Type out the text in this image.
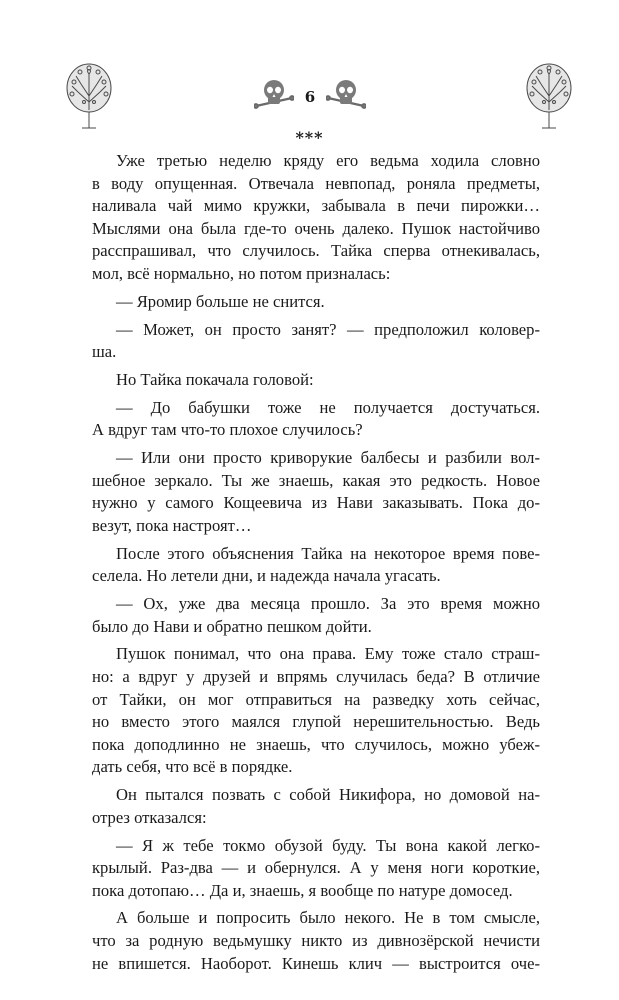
6
***
Уже третью неделю кряду его ведьма ходила словно
в воду опущенная. Отвечала невпопад, роняла предметы,
наливала чай мимо кружки, забывала в печи пирожки…
Мыслями она была где-то очень далеко. Пушок настойчиво
расспрашивал, что случилось. Тайка сперва отнекивалась,
мол, всё нормально, но потом призналась:
— Яромир больше не снится.
— Может, он просто занят? — предположил коловер-
ша.
Но Тайка покачала головой:
— До бабушки тоже не получается достучаться.
А вдруг там что-то плохое случилось?
— Или они просто криворукие балбесы и разбили вол-
шебное зеркало. Ты же знаешь, какая это редкость. Новое
нужно у самого Кощеевича из Нави заказывать. Пока до-
везут, пока настроят…
После этого объяснения Тайка на некоторое время пове-
селела. Но летели дни, и надежда начала угасать.
— Ох, уже два месяца прошло. За это время можно
было до Нави и обратно пешком дойти.
Пушок понимал, что она права. Ему тоже стало страш-
но: а вдруг у друзей и впрямь случилась беда? В отличие
от Тайки, он мог отправиться на разведку хоть сейчас,
но вместо этого маялся глупой нерешительностью. Ведь
пока доподлинно не знаешь, что случилось, можно убеж-
дать себя, что всё в порядке.
Он пытался позвать с собой Никифора, но домовой на-
отрез отказался:
— Я ж тебе токмо обузой буду. Ты вона какой легко-
крылый. Раз-два — и обернулся. А у меня ноги короткие,
пока дотопаю… Да и, знаешь, я вообще по натуре домосед.
А больше и попросить было некого. Не в том смысле,
что за родную ведьмушку никто из дивнозёрской нечисти
не впишется. Наоборот. Кинешь клич — выстроится оче-
